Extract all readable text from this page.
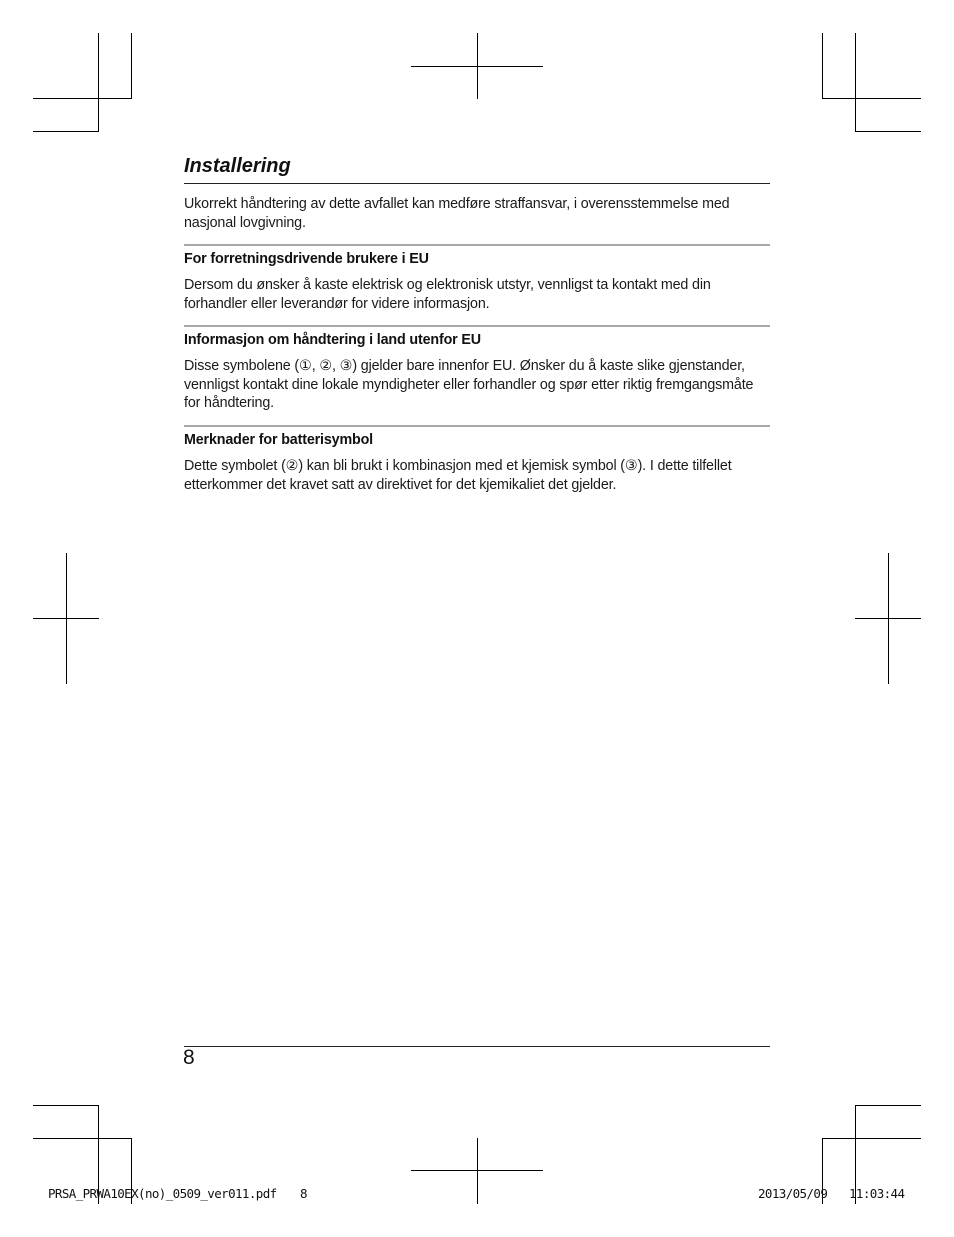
Installering
Ukorrekt håndtering av dette avfallet kan medføre straffansvar, i overensstemmelse med
nasjonal lovgivning.
For forretningsdrivende brukere i EU
Dersom du ønsker å kaste elektrisk og elektronisk utstyr, vennligst ta kontakt med din
forhandler eller leverandør for videre informasjon.
Informasjon om håndtering i land utenfor EU
Disse symbolene (①, ②, ③) gjelder bare innenfor EU. Ønsker du å kaste slike gjenstander,
vennligst kontakt dine lokale myndigheter eller forhandler og spør etter riktig fremgangsmåte
for håndtering.
Merknader for batterisymbol
Dette symbolet (②) kan bli brukt i kombinasjon med et kjemisk symbol (③). I dette tilfellet
etterkommer det kravet satt av direktivet for det kjemikaliet det gjelder.
8
PRSA_PRWA10EX(no)_0509_ver011.pdf 8	2013/05/09 11:03:44
